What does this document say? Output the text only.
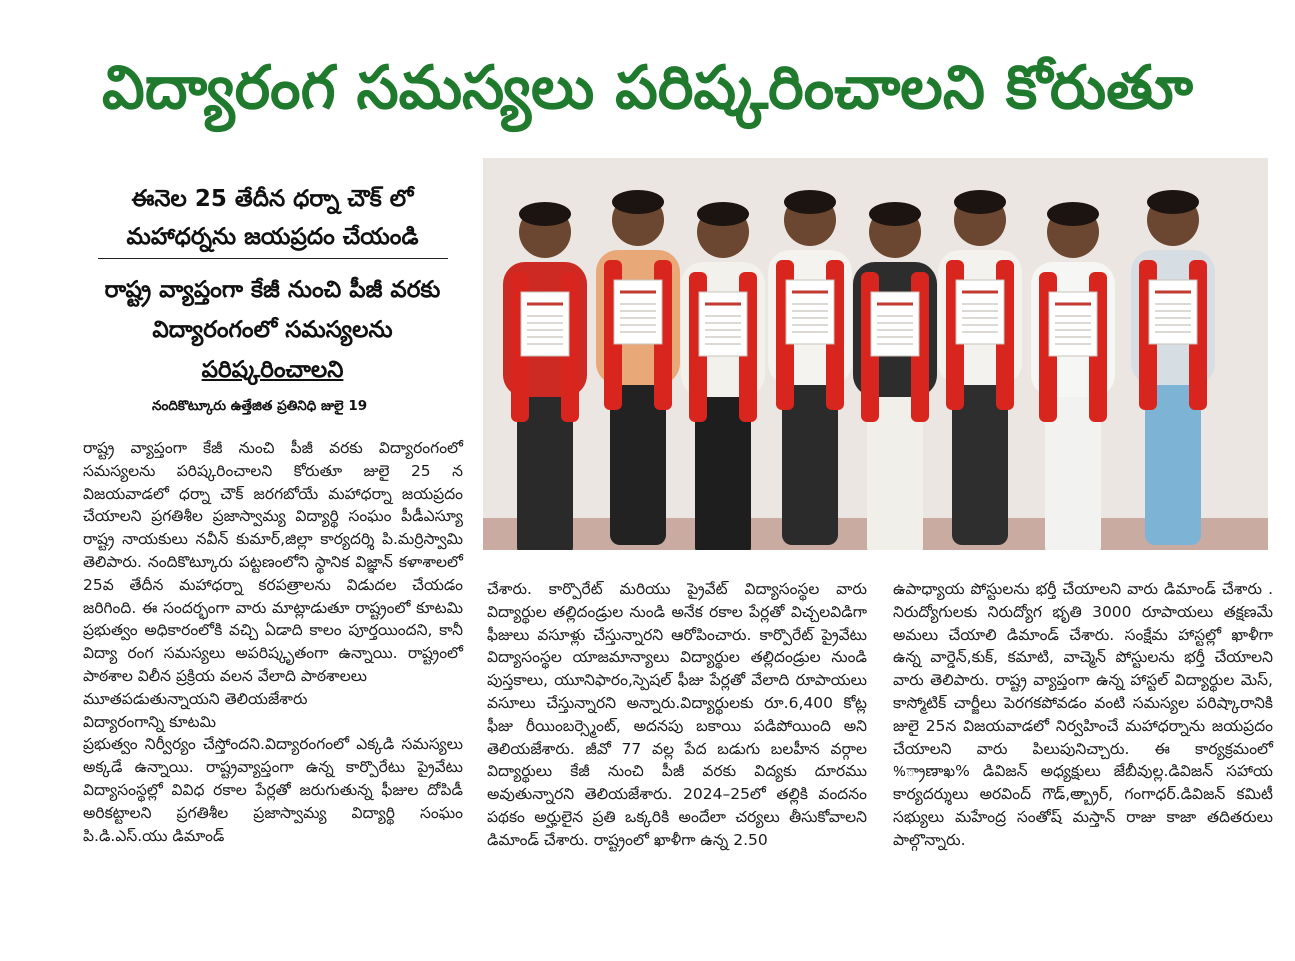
విద్యారంగ సమస్యలు పరిష్కరించాలని కోరుతూ
ఈనెల 25 తేదీన ధర్నా చౌక్ లో మహాధర్నను జయప్రదం చేయండి
రాష్ట్ర వ్యాప్తంగా కేజీ నుంచి పీజీ వరకు విద్యారంగంలో సమస్యలను
పరిష్కరించాలని
నందికొట్కూరు ఉత్తేజిత ప్రతినిధి జులై 19
రాష్ట్ర వ్యాప్తంగా కేజీ నుంచి పీజీ వరకు విద్యారంగంలో సమస్యలను పరిష్కరించాలని కోరుతూ జులై 25 న విజయవాడలో ధర్నా చౌక్ జరగబోయే మహాధర్నా జయప్రదం చేయాలని ప్రగతిశీల ప్రజాస్వామ్య విద్యార్థి సంఘం పీడీఎస్యూ రాష్ట్ర నాయకులు నవీన్ కుమార్,జిల్లా కార్యదర్శి పి.మర్రిస్వామి తెలిపారు. నందికొట్కూరు పట్టణంలోని స్థానిక విజ్ఞాన్ కళాశాలలో 25వ తేదీన మహాధర్నా కరపత్రాలను విడుదల చేయడం జరిగింది. ఈ సందర్భంగా వారు మాట్లాడుతూ రాష్ట్రంలో కూటమి ప్రభుత్వం అధికారంలోకి వచ్చి ఏడాది కాలం పూర్తయిందని, కానీ విద్యా రంగ సమస్యలు అపరిష్కృతంగా ఉన్నాయి. రాష్ట్రంలో పాఠశాల విలీన ప్రక్రియ వలన వేలాది పాఠశాలలు
మూతపడుతున్నాయని తెలియజేశారు
విద్యారంగాన్ని కూటమి
ప్రభుత్వం నిర్వీర్యం చేస్తోందని.విద్యారంగంలో ఎక్కడి సమస్యలు అక్కడే ఉన్నాయి. రాష్ట్రవ్యాప్తంగా ఉన్న కార్పొరేటు ప్రైవేటు విద్యాసంస్థల్లో వివిధ రకాల పేర్లతో జరుగుతున్న ఫీజుల దోపిడీ అరికట్టాలని ప్రగతిశీల ప్రజాస్వామ్య విద్యార్థి సంఘం పి.డి.ఎస్.యు డిమాండ్
చేశారు. కార్పొరేట్ మరియు ప్రైవేట్ విద్యాసంస్థల వారు విద్యార్థుల తల్లిదండ్రుల నుండి అనేక రకాల పేర్లతో విచ్చలవిడిగా ఫీజులు వసూళ్లు చేస్తున్నారని ఆరోపించారు. కార్పొరేట్ ప్రైవేటు విద్యాసంస్థల యాజమాన్యాలు విద్యార్థుల తల్లిదండ్రుల నుండి పుస్తకాలు, యూనిఫారం,స్పెషల్ ఫీజు పేర్లతో వేలాది రూపాయలు వసూలు చేస్తున్నారని అన్నారు.విద్యార్థులకు రూ.6,400 కోట్ల ఫీజు రీయింబర్స్మెంట్, అదనపు బకాయి పడిపోయింది అని తెలియజేశారు. జీవో 77 వల్ల పేద బడుగు బలహీన వర్గాల విద్యార్థులు కేజీ నుంచి పీజీ వరకు విద్యకు దూరము అవుతున్నారని తెలియజేశారు. 2024–25లో తల్లికి వందనం పథకం అర్హులైన ప్రతి ఒక్కరికి అందేలా చర్యలు తీసుకోవాలని డిమాండ్ చేశారు. రాష్ట్రంలో ఖాళీగా ఉన్న 2.50
ఉపాధ్యాయ పోస్టులను భర్తీ చేయాలని వారు డిమాండ్ చేశారు . నిరుద్యోగులకు నిరుద్యోగ భృతి 3000 రూపాయలు తక్షణమే అమలు చేయాలి డిమాండ్ చేశారు. సంక్షేమ హాస్టల్లో ఖాళీగా ఉన్న వార్డెన్,కుక్, కమాటి, వాచ్మెన్ పోస్టులను భర్తీ చేయాలని వారు తెలిపారు. రాష్ట్ర వ్యాప్తంగా ఉన్న హాస్టల్ విద్యార్థుల మెస్, కాస్మోటిక్ చార్జీలు పెరగకపోవడం వంటి సమస్యల పరిష్కారానికి జులై 25న విజయవాడలో నిర్వహించే మహాధర్నాను జయప్రదం చేయాలని వారు పిలుపునిచ్చారు. ఈ కార్యక్రమంలో %్రాణాఖ% డివిజన్ అధ్యక్షులు జేబీవుల్ల.డివిజన్ సహాయ కార్యదర్శులు అరవింద్ గౌడ్,అ్బ్రార్, గంగాధర్.డివిజన్ కమిటీ సభ్యులు మహేంద్ర సంతోష్ మస్తాన్ రాజు కాజా తదితరులు పాల్గొన్నారు.
